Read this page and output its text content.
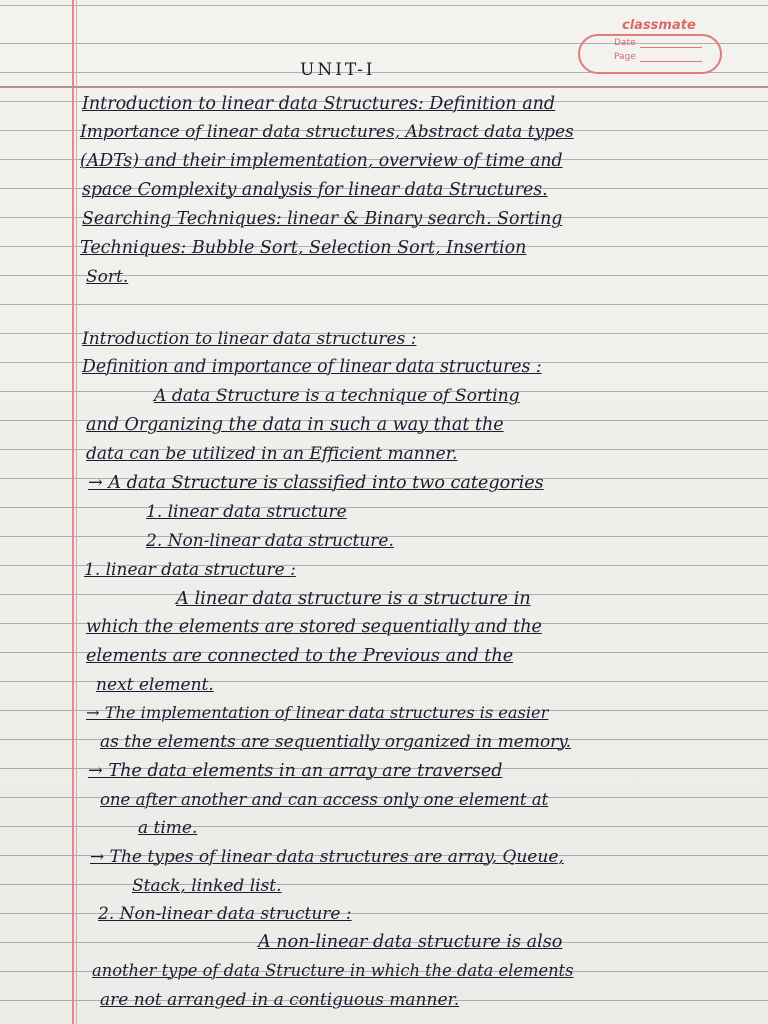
classmate
Date
Page
UNIT-I
Introduction to linear data Structures: Definition and
Importance of linear data structures, Abstract data types
(ADTs) and their implementation, overview of time and
space Complexity analysis for linear data Structures.
Searching Techniques: linear & Binary search. Sorting
Techniques: Bubble Sort, Selection Sort, Insertion
Sort.
Introduction to linear data structures :
Definition and importance of linear data structures :
A data Structure is a technique of Sorting
and Organizing the data in such a way that the
data can be utilized in an Efficient manner.
→ A data Structure is classified into two categories
1. linear data structure
2. Non-linear data structure.
1. linear data structure :
A linear data structure is a structure in
which the elements are stored sequentially and the
elements are connected to the Previous and the
next element.
→ The implementation of linear data structures is easier
as the elements are sequentially organized in memory.
→ The data elements in an array are traversed
one after another and can access only one element at
a time.
→ The types of linear data structures are array, Queue,
Stack, linked list.
2. Non-linear data structure :
A non-linear data structure is also
another type of data Structure in which the data elements
are not arranged in a contiguous manner.
